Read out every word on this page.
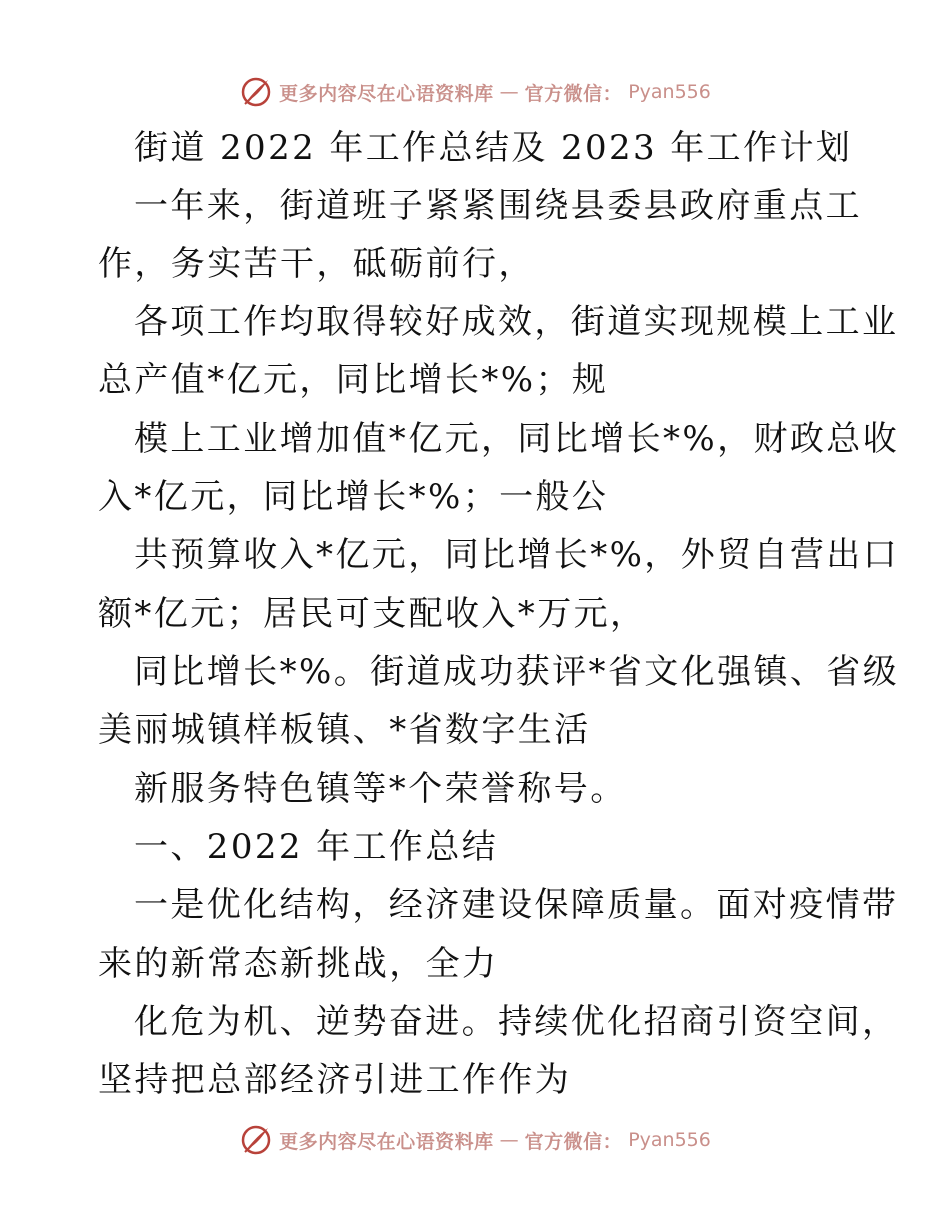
更多内容尽在心语资料库 — 官方微信： Pyan556
街道 2022 年工作总结及 2023 年工作计划
一年来，街道班子紧紧围绕县委县政府重点工
作，务实苦干，砥砺前行，
各项工作均取得较好成效，街道实现规模上工业
总产值*亿元，同比增长*%；规
模上工业增加值*亿元，同比增长*%，财政总收
入*亿元，同比增长*%；一般公
共预算收入*亿元，同比增长*%，外贸自营出口
额*亿元；居民可支配收入*万元，
同比增长*%。街道成功获评*省文化强镇、省级
美丽城镇样板镇、*省数字生活
新服务特色镇等*个荣誉称号。
一、2022 年工作总结
一是优化结构，经济建设保障质量。面对疫情带
来的新常态新挑战，全力
化危为机、逆势奋进。持续优化招商引资空间，
坚持把总部经济引进工作作为
更多内容尽在心语资料库 — 官方微信： Pyan556
